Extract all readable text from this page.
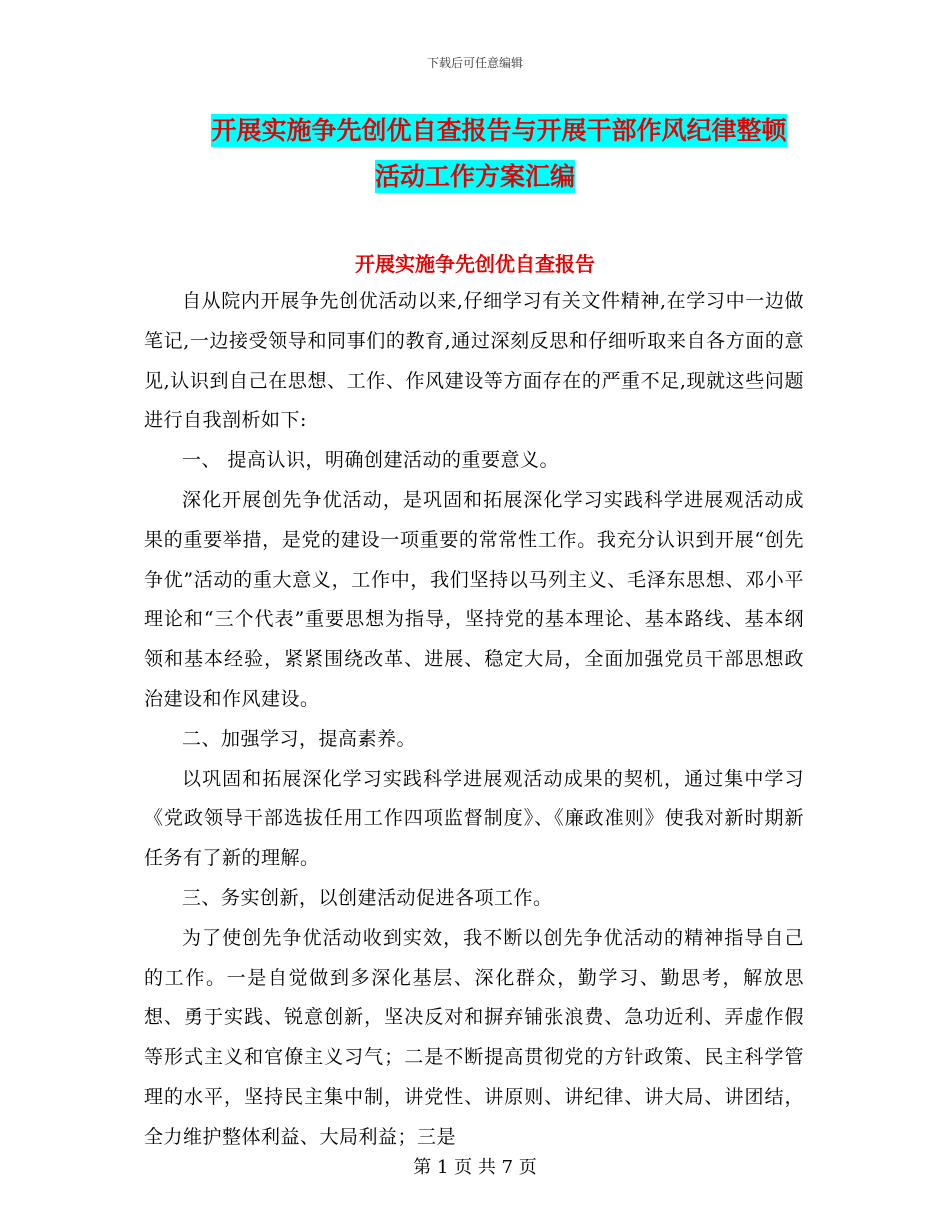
下载后可任意编辑
开展实施争先创优自查报告与开展干部作风纪律整顿
活动工作方案汇编
开展实施争先创优自查报告

自从院内开展争先创优活动以来,仔细学习有关文件精神,在学习中一边做笔记,一边接受领导和同事们的教育,通过深刻反思和仔细听取来自各方面的意见,认识到自己在思想、工作、作风建设等方面存在的严重不足,现就这些问题进行自我剖析如下:

一、 提高认识，明确创建活动的重要意义。

深化开展创先争优活动，是巩固和拓展深化学习实践科学进展观活动成果的重要举措，是党的建设一项重要的常常性工作。我充分认识到开展“创先争优”活动的重大意义，工作中，我们坚持以马列主义、毛泽东思想、邓小平理论和“三个代表”重要思想为指导，坚持党的基本理论、基本路线、基本纲领和基本经验，紧紧围绕改革、进展、稳定大局，全面加强党员干部思想政治建设和作风建设。

二、加强学习，提高素养。

以巩固和拓展深化学习实践科学进展观活动成果的契机，通过集中学习《党政领导干部选拔任用工作四项监督制度》、《廉政准则》使我对新时期新任务有了新的理解。

三、务实创新，以创建活动促进各项工作。

为了使创先争优活动收到实效，我不断以创先争优活动的精神指导自己的工作。一是自觉做到多深化基层、深化群众，勤学习、勤思考，解放思想、勇于实践、锐意创新，坚决反对和摒弃铺张浪费、急功近利、弄虚作假等形式主义和官僚主义习气；二是不断提高贯彻党的方针政策、民主科学管理的水平，坚持民主集中制，讲党性、讲原则、讲纪律、讲大局、讲团结，全力维护整体利益、大局利益；三是

第 1 页 共 7 页
